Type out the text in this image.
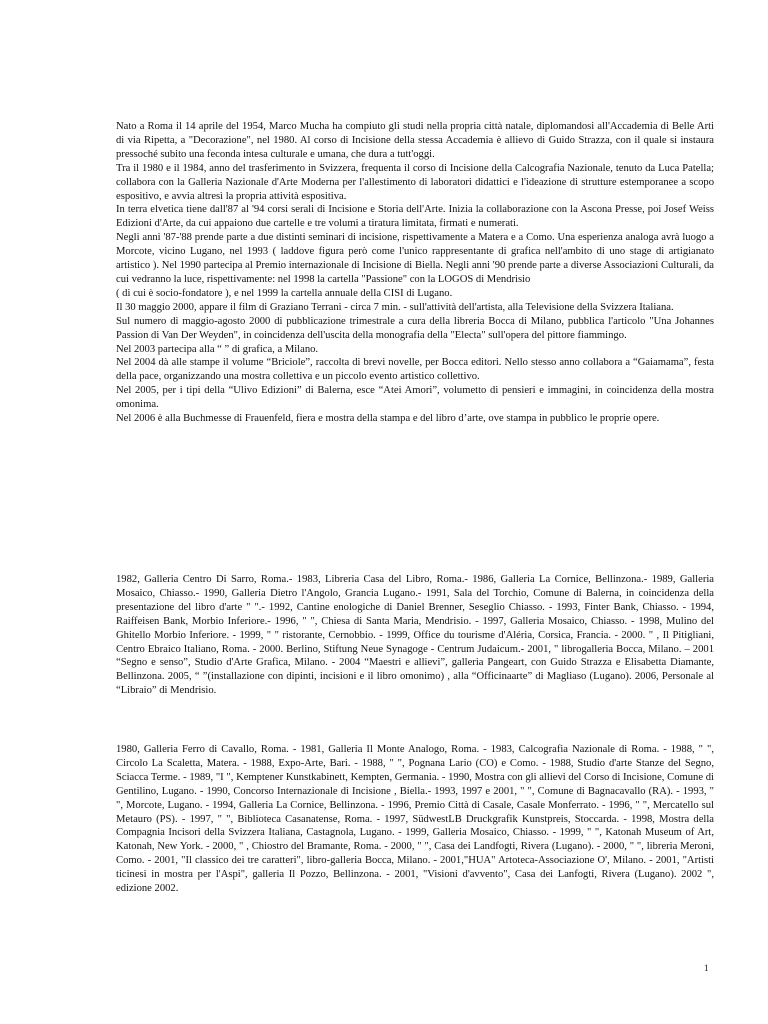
Nato a Roma il 14 aprile del 1954, Marco Mucha ha compiuto gli studi nella propria città natale, diplomandosi all'Accademia di Belle Arti di via Ripetta, a "Decorazione", nel 1980. Al corso di Incisione della stessa Accademia è allievo di Guido Strazza, con il quale si instaura pressoché subito una feconda intesa culturale e umana, che dura a tutt'oggi.

Tra il 1980 e il 1984, anno del trasferimento in Svizzera, frequenta il corso di Incisione della Calcografia Nazionale, tenuto da Luca Patella; collabora con la Galleria Nazionale d'Arte Moderna per l'allestimento di laboratori didattici e l'ideazione di strutture estemporanee a scopo espositivo, e avvia altresì la propria attività espositiva.

In terra elvetica tiene dall'87 al '94 corsi serali di Incisione e Storia dell'Arte. Inizia la collaborazione con la Ascona Presse, poi Josef Weiss Edizioni d'Arte, da cui appaiono due cartelle e tre volumi a tiratura limitata, firmati e numerati.

Negli anni '87-'88 prende parte a due distinti seminari di incisione, rispettivamente a Matera e a Como. Una esperienza analoga avrà luogo a Morcote, vicino Lugano, nel 1993 ( laddove figura però come l'unico rappresentante di grafica nell'ambito di uno stage di artigianato artistico ). Nel 1990 partecipa al Premio internazionale di Incisione di Biella. Negli anni '90 prende parte a diverse Associazioni Culturali, da cui vedranno la luce, rispettivamente: nel 1998 la cartella "Passione" con la LOGOS di Mendrisio

( di cui è socio-fondatore ), e nel 1999 la cartella annuale della CISI di Lugano.

Il 30 maggio 2000, appare il film di Graziano Terrani - circa 7 min. - sull'attività dell'artista, alla Televisione della Svizzera Italiana.

Sul numero di maggio-agosto 2000 di pubblicazione trimestrale a cura della libreria Bocca di Milano, pubblica l'articolo "Una Johannes Passion di Van Der Weyden", in coincidenza dell'uscita della monografia della "Electa" sull'opera del pittore fiammingo.

Nel 2003 partecipa alla “ ” di grafica, a Milano.

Nel 2004 dà alle stampe il volume “Briciole”, raccolta di brevi novelle, per Bocca editori. Nello stesso anno collabora a “Gaiamama”, festa della pace, organizzando una mostra collettiva e un piccolo evento artistico collettivo.

Nel 2005, per i tipi della “Ulivo Edizioni” di Balerna, esce “Atei Amori”, volumetto di pensieri e immagini, in coincidenza della mostra omonima.

Nel 2006 è alla Buchmesse di Frauenfeld, fiera e mostra della stampa e del libro d’arte, ove stampa in pubblico le proprie opere.

1982, Galleria Centro Di Sarro, Roma.- 1983, Libreria Casa del Libro, Roma.- 1986, Galleria La Cornice, Bellinzona.- 1989, Galleria Mosaico, Chiasso.- 1990, Galleria Dietro l'Angolo, Grancia Lugano.- 1991, Sala del Torchio, Comune di Balerna, in coincidenza della presentazione del libro d'arte " ".- 1992, Cantine enologiche di Daniel Brenner, Seseglio Chiasso. - 1993, Finter Bank, Chiasso. - 1994, Raiffeisen Bank, Morbio Inferiore.- 1996, " ", Chiesa di Santa Maria, Mendrisio. - 1997, Galleria Mosaico, Chiasso. - 1998, Mulino del Ghitello Morbio Inferiore. - 1999, " " ristorante, Cernobbio. - 1999, Office du tourisme d'Aléria, Corsica, Francia. - 2000. " , Il Pitigliani, Centro Ebraico Italiano, Roma. - 2000. Berlino, Stiftung Neue Synagoge - Centrum Judaicum.- 2001, " librogalleria Bocca, Milano. – 2001 “Segno e senso”, Studio d'Arte Grafica, Milano. - 2004 “Maestri e allievi”, galleria Pangeart, con Guido Strazza e Elisabetta Diamante, Bellinzona. 2005, “ ”(installazione con dipinti, incisioni e il libro omonimo) , alla “Officinaarte” di Magliaso (Lugano). 2006, Personale al “Libraio” di Mendrisio.

1980, Galleria Ferro di Cavallo, Roma. - 1981, Galleria Il Monte Analogo, Roma. - 1983, Calcografia Nazionale di Roma. - 1988, " ", Circolo La Scaletta, Matera. - 1988, Expo-Arte, Bari. - 1988, " ", Pognana Lario (CO) e Como. - 1988, Studio d'arte Stanze del Segno, Sciacca Terme. - 1989, "I ", Kemptener Kunstkabinett, Kempten, Germania. - 1990, Mostra con gli allievi del Corso di Incisione, Comune di Gentilino, Lugano. - 1990, Concorso Internazionale di Incisione , Biella.- 1993, 1997 e 2001, " ", Comune di Bagnacavallo (RA). - 1993, " ", Morcote, Lugano. - 1994, Galleria La Cornice, Bellinzona. - 1996, Premio Città di Casale, Casale Monferrato. - 1996, " ", Mercatello sul Metauro (PS). - 1997, " ", Biblioteca Casanatense, Roma. - 1997, SüdwestLB Druckgrafik Kunstpreis, Stoccarda. - 1998, Mostra della Compagnia Incisori della Svizzera Italiana, Castagnola, Lugano. - 1999, Galleria Mosaico, Chiasso. - 1999, " ", Katonah Museum of Art, Katonah, New York. - 2000, " , Chiostro del Bramante, Roma. - 2000, " ", Casa dei Landfogti, Rivera (Lugano). - 2000, " ", libreria Meroni, Como. - 2001, "Il classico dei tre caratteri", libro-galleria Bocca, Milano. - 2001,"HUA" Artoteca-Associazione O', Milano. - 2001, "Artisti ticinesi in mostra per l'Aspi", galleria Il Pozzo, Bellinzona. - 2001, "Visioni d'avvento", Casa dei Lanfogti, Rivera (Lugano). 2002 ", edizione 2002.

1
